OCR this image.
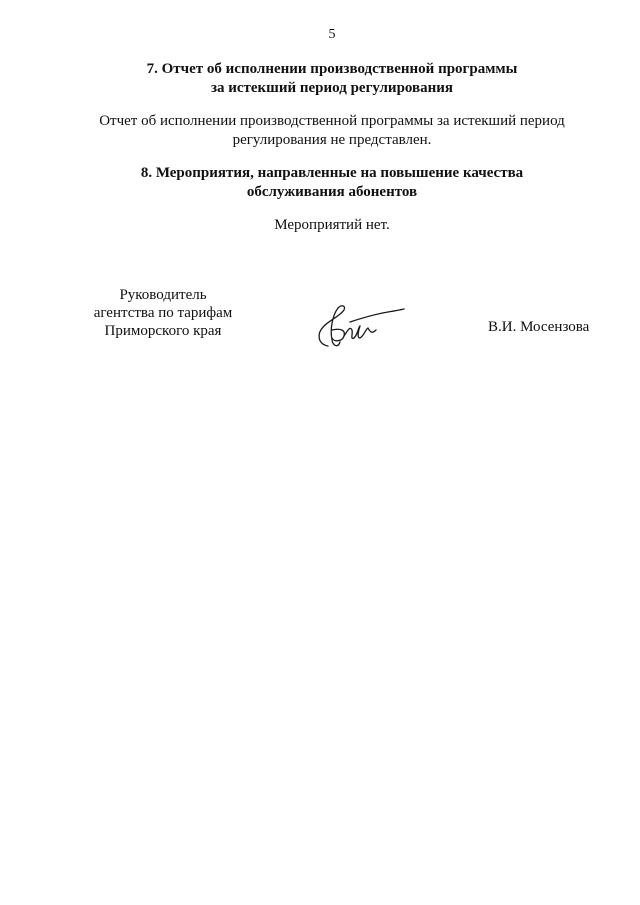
5
7. Отчет об исполнении производственной программы
за истекший период регулирования
Отчет об исполнении производственной программы за истекший период
регулирования не представлен.
8. Мероприятия, направленные на повышение качества
обслуживания абонентов
Мероприятий нет.
Руководитель
агентства по тарифам
Приморского края	В.И. Мосензова
